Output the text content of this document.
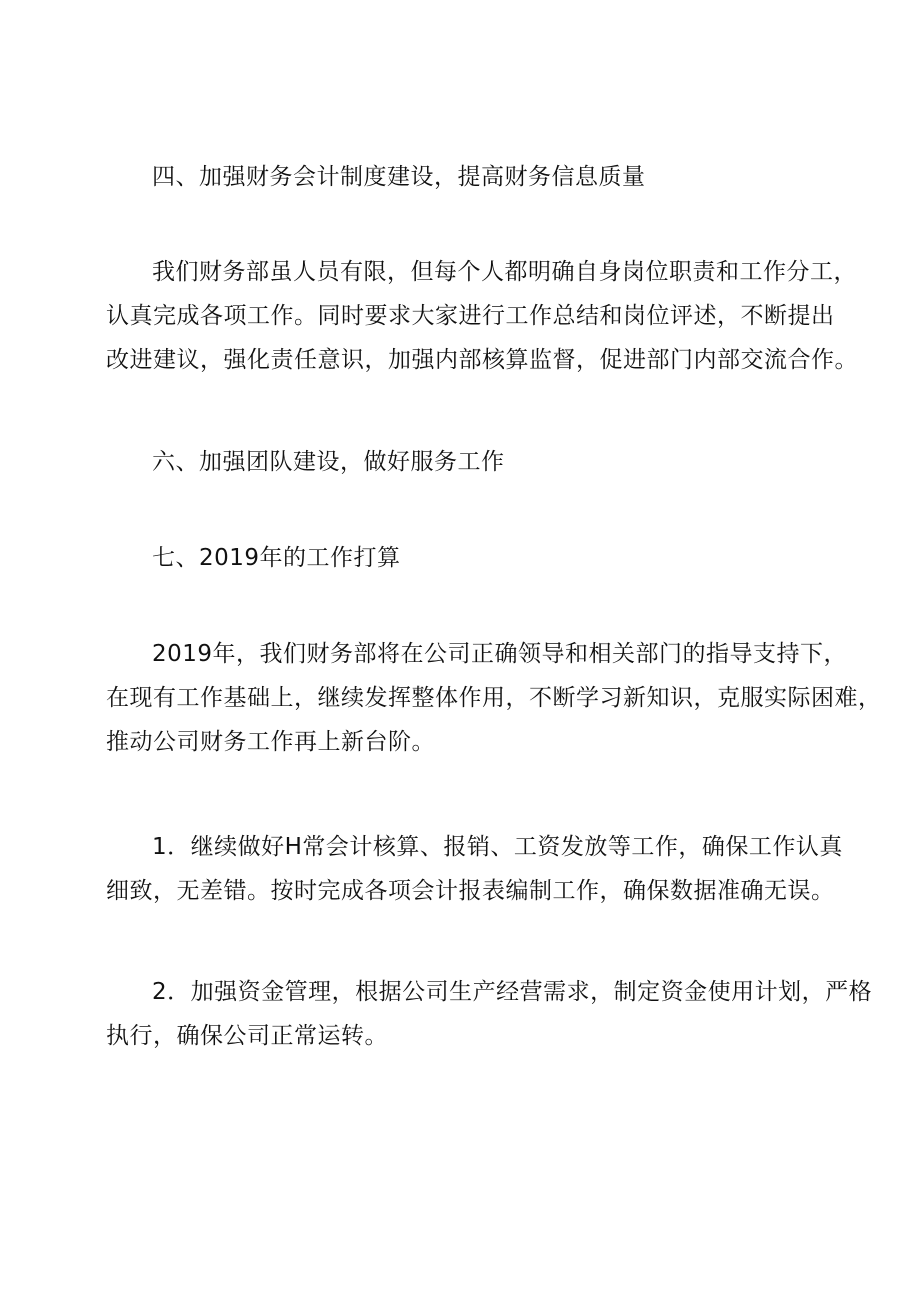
四、加强财务会计制度建设，提高财务信息质量

我们财务部虽人员有限，但每个人都明确自身岗位职责和工作分工，
认真完成各项工作。同时要求大家进行工作总结和岗位评述，不断提出
改进建议，强化责任意识，加强内部核算监督，促进部门内部交流合作。

六、加强团队建设，做好服务工作

七、2019年的工作打算

2019年，我们财务部将在公司正确领导和相关部门的指导支持下，
在现有工作基础上，继续发挥整体作用，不断学习新知识，克服实际困难，
推动公司财务工作再上新台阶。

1．继续做好H常会计核算、报销、工资发放等工作，确保工作认真
细致，无差错。按时完成各项会计报表编制工作，确保数据准确无误。

2．加强资金管理，根据公司生产经营需求，制定资金使用计划，严格
执行，确保公司正常运转。
